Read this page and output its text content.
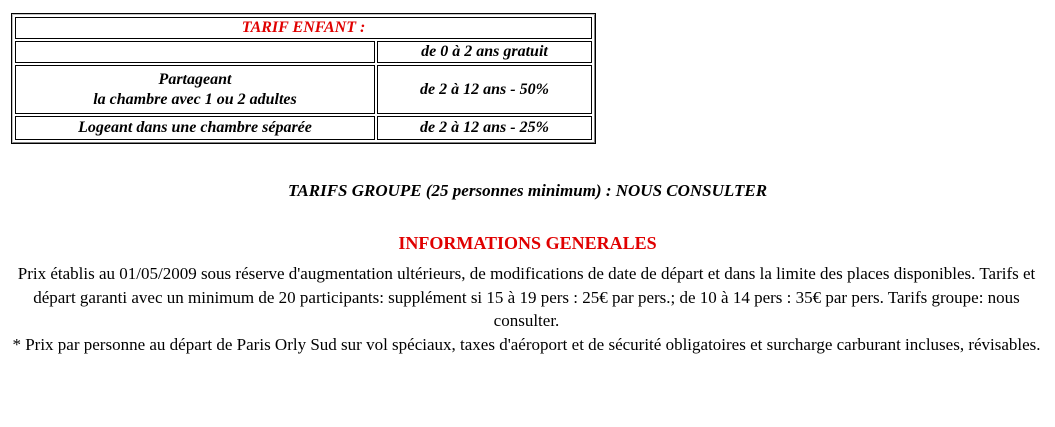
TARIF ENFANT :	
	de 0 à 2 ans gratuit

Partageant
la chambre avec 1 ou 2 adultes	de 2 à 12 ans - 50%
Logeant dans une chambre séparée	de 2 à 12 ans - 25%
TARIFS GROUPE (25 personnes minimum) : NOUS CONSULTER
INFORMATIONS GENERALES

Prix établis au 01/05/2009 sous réserve d'augmentation ultérieurs, de modifications de date de départ et dans la limite des places disponibles. Tarifs et départ garanti avec un minimum de 20 participants: supplément si 15 à 19 pers : 25€ par pers.; de 10 à 14 pers : 35€ par pers. Tarifs groupe: nous consulter.

* Prix par personne au départ de Paris Orly Sud sur vol spéciaux, taxes d'aéroport et de sécurité obligatoires et surcharge carburant incluses, révisables.
